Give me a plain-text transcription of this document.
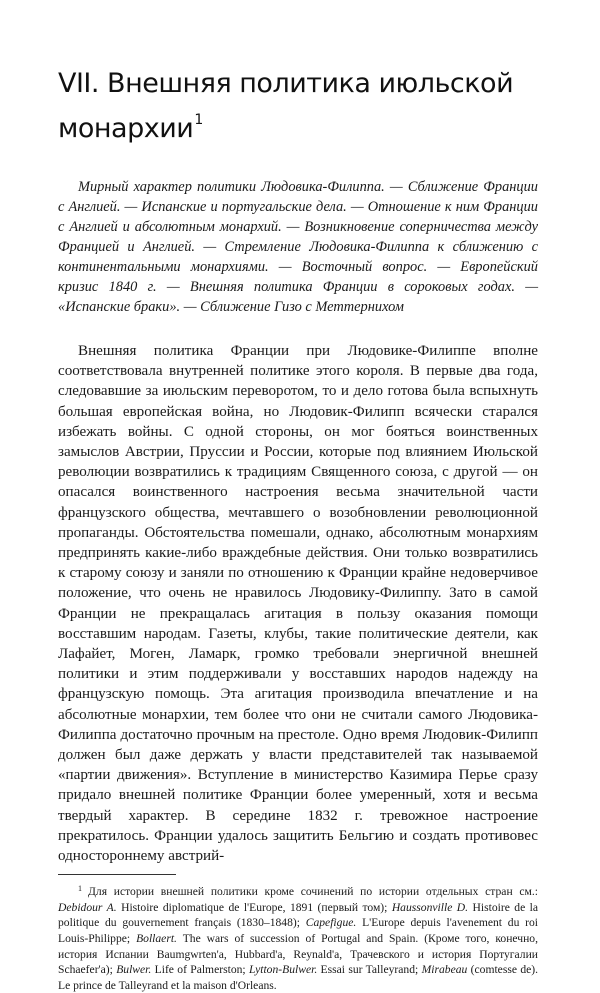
VII. Внешняя политика июльской монархии$^1$

Мирный характер политики Людовика-Филиппа. — Сближение Франции с Англией. — Испанские и португальские дела. — Отношение к ним Франции с Англией и абсолютным монархий. — Возникновение соперничества между Францией и Англией. — Стремление Людовика-Филиппа к сближению с континентальными монархиями. — Восточный вопрос. — Европейский кризис 1840 г. — Внешняя политика Франции в сороковых годах. — «Испанские браки». — Сближение Гизо с Меттернихом

Внешняя политика Франции при Людовике-Филиппе вполне соответствовала внутренней политике этого короля. В первые два года, следовавшие за июльским переворотом, то и дело готова была вспыхнуть большая европейская война, но Людовик-Филипп всячески старался избежать войны. С одной стороны, он мог бояться воинственных замыслов Австрии, Пруссии и России, которые под влиянием Июльской революции возвратились к традициям Священного союза, с другой — он опасался воинственного настроения весьма значительной части французского общества, мечтавшего о возобновлении революционной пропаганды. Обстоятельства помешали, однако, абсолютным монархиям предпринять какие-либо враждебные действия. Они только возвратились к старому союзу и заняли по отношению к Франции крайне недоверчивое положение, что очень не нравилось Людовику-Филиппу. Зато в самой Франции не прекращалась агитация в пользу оказания помощи восставшим народам. Газеты, клубы, такие политические деятели, как Лафайет, Моген, Ламарк, громко требовали энергичной внешней политики и этим поддерживали у восставших народов надежду на французскую помощь. Эта агитация производила впечатление и на абсолютные монархии, тем более что они не считали самого Людовика-Филиппа достаточно прочным на престоле. Одно время Людовик-Филипп должен был даже держать у власти представителей так называемой «партии движения». Вступление в министерство Казимира Перье сразу придало внешней политике Франции более умеренный, хотя и весьма твердый характер. В середине 1832 г. тревожное настроение прекратилось. Франции удалось защитить Бельгию и создать противовес одностороннему австрий-

$^1$ Для истории внешней политики кроме сочинений по истории отдельных стран см.: Debidour A. Histoire diplomatique de l'Europe, 1891 (первый том); Haussonville D. Histoire de la politique du gouvernement français (1830–1848); Capefigue. L'Europe depuis l'avenement du roi Louis-Philippe; Bollaert. The wars of succession of Portugal and Spain. (Кроме того, конечно, история Испании Baumgwrten'a, Hubbard'a, Reynald'a, Трачевского и история Португалии Schaefer'a); Bulwer. Life of Palmerston; Lytton-Bulwer. Essai sur Talleyrand; Mirabeau (comtesse de). Le prince de Talleyrand et la maison d'Orleans.
